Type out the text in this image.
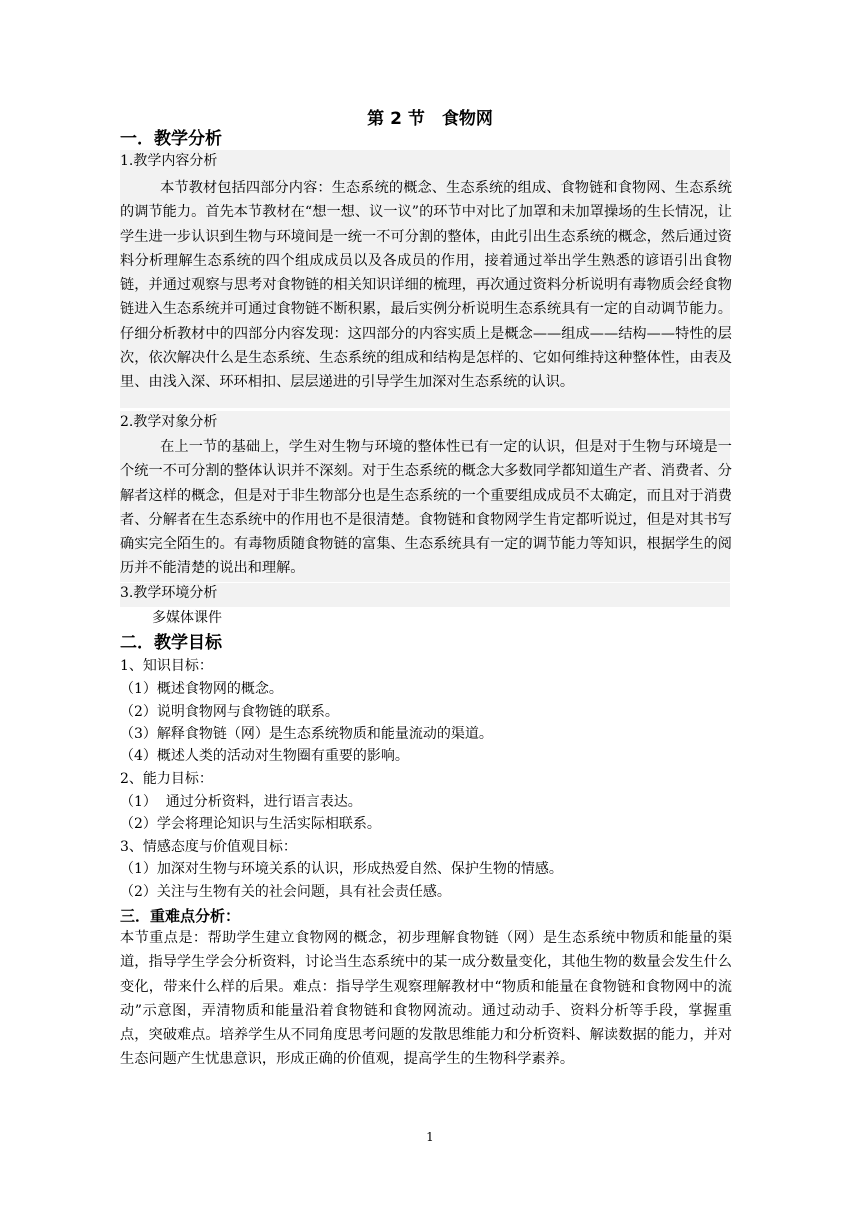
第 2 节　食物网
一．教学分析
1.教学内容分析
本节教材包括四部分内容：生态系统的概念、生态系统的组成、食物链和食物网、生态系统的调节能力。首先本节教材在“想一想、议一议”的环节中对比了加罩和未加罩操场的生长情况，让学生进一步认识到生物与环境间是一统一不可分割的整体，由此引出生态系统的概念，然后通过资料分析理解生态系统的四个组成成员以及各成员的作用，接着通过举出学生熟悉的谚语引出食物链，并通过观察与思考对食物链的相关知识详细的梳理，再次通过资料分析说明有毒物质会经食物链进入生态系统并可通过食物链不断积累，最后实例分析说明生态系统具有一定的自动调节能力。仔细分析教材中的四部分内容发现：这四部分的内容实质上是概念——组成——结构——特性的层次，依次解决什么是生态系统、生态系统的组成和结构是怎样的、它如何维持这种整体性，由表及里、由浅入深、环环相扣、层层递进的引导学生加深对生态系统的认识。
2.教学对象分析
在上一节的基础上，学生对生物与环境的整体性已有一定的认识，但是对于生物与环境是一个统一不可分割的整体认识并不深刻。对于生态系统的概念大多数同学都知道生产者、消费者、分解者这样的概念，但是对于非生物部分也是生态系统的一个重要组成成员不太确定，而且对于消费者、分解者在生态系统中的作用也不是很清楚。食物链和食物网学生肯定都听说过，但是对其书写确实完全陌生的。有毒物质随食物链的富集、生态系统具有一定的调节能力等知识，根据学生的阅历并不能清楚的说出和理解。
3.教学环境分析
多媒体课件
二．教学目标
1、知识目标：
（1）概述食物网的概念。
（2）说明食物网与食物链的联系。
（3）解释食物链（网）是生态系统物质和能量流动的渠道。
（4）概述人类的活动对生物圈有重要的影响。
2、能力目标：
（1）  通过分析资料，进行语言表达。
（2）学会将理论知识与生活实际相联系。
3、情感态度与价值观目标：
（1）加深对生物与环境关系的认识，形成热爱自然、保护生物的情感。
（2）关注与生物有关的社会问题，具有社会责任感。
三．重难点分析：
本节重点是：帮助学生建立食物网的概念，初步理解食物链（网）是生态系统中物质和能量的渠道，指导学生学会分析资料，讨论当生态系统中的某一成分数量变化，其他生物的数量会发生什么变化，带来什么样的后果。难点：指导学生观察理解教材中“物质和能量在食物链和食物网中的流动”示意图，弄清物质和能量沿着食物链和食物网流动。通过动动手、资料分析等手段，掌握重点，突破难点。培养学生从不同角度思考问题的发散思维能力和分析资料、解读数据的能力，并对生态问题产生忧患意识，形成正确的价值观，提高学生的生物科学素养。
1
